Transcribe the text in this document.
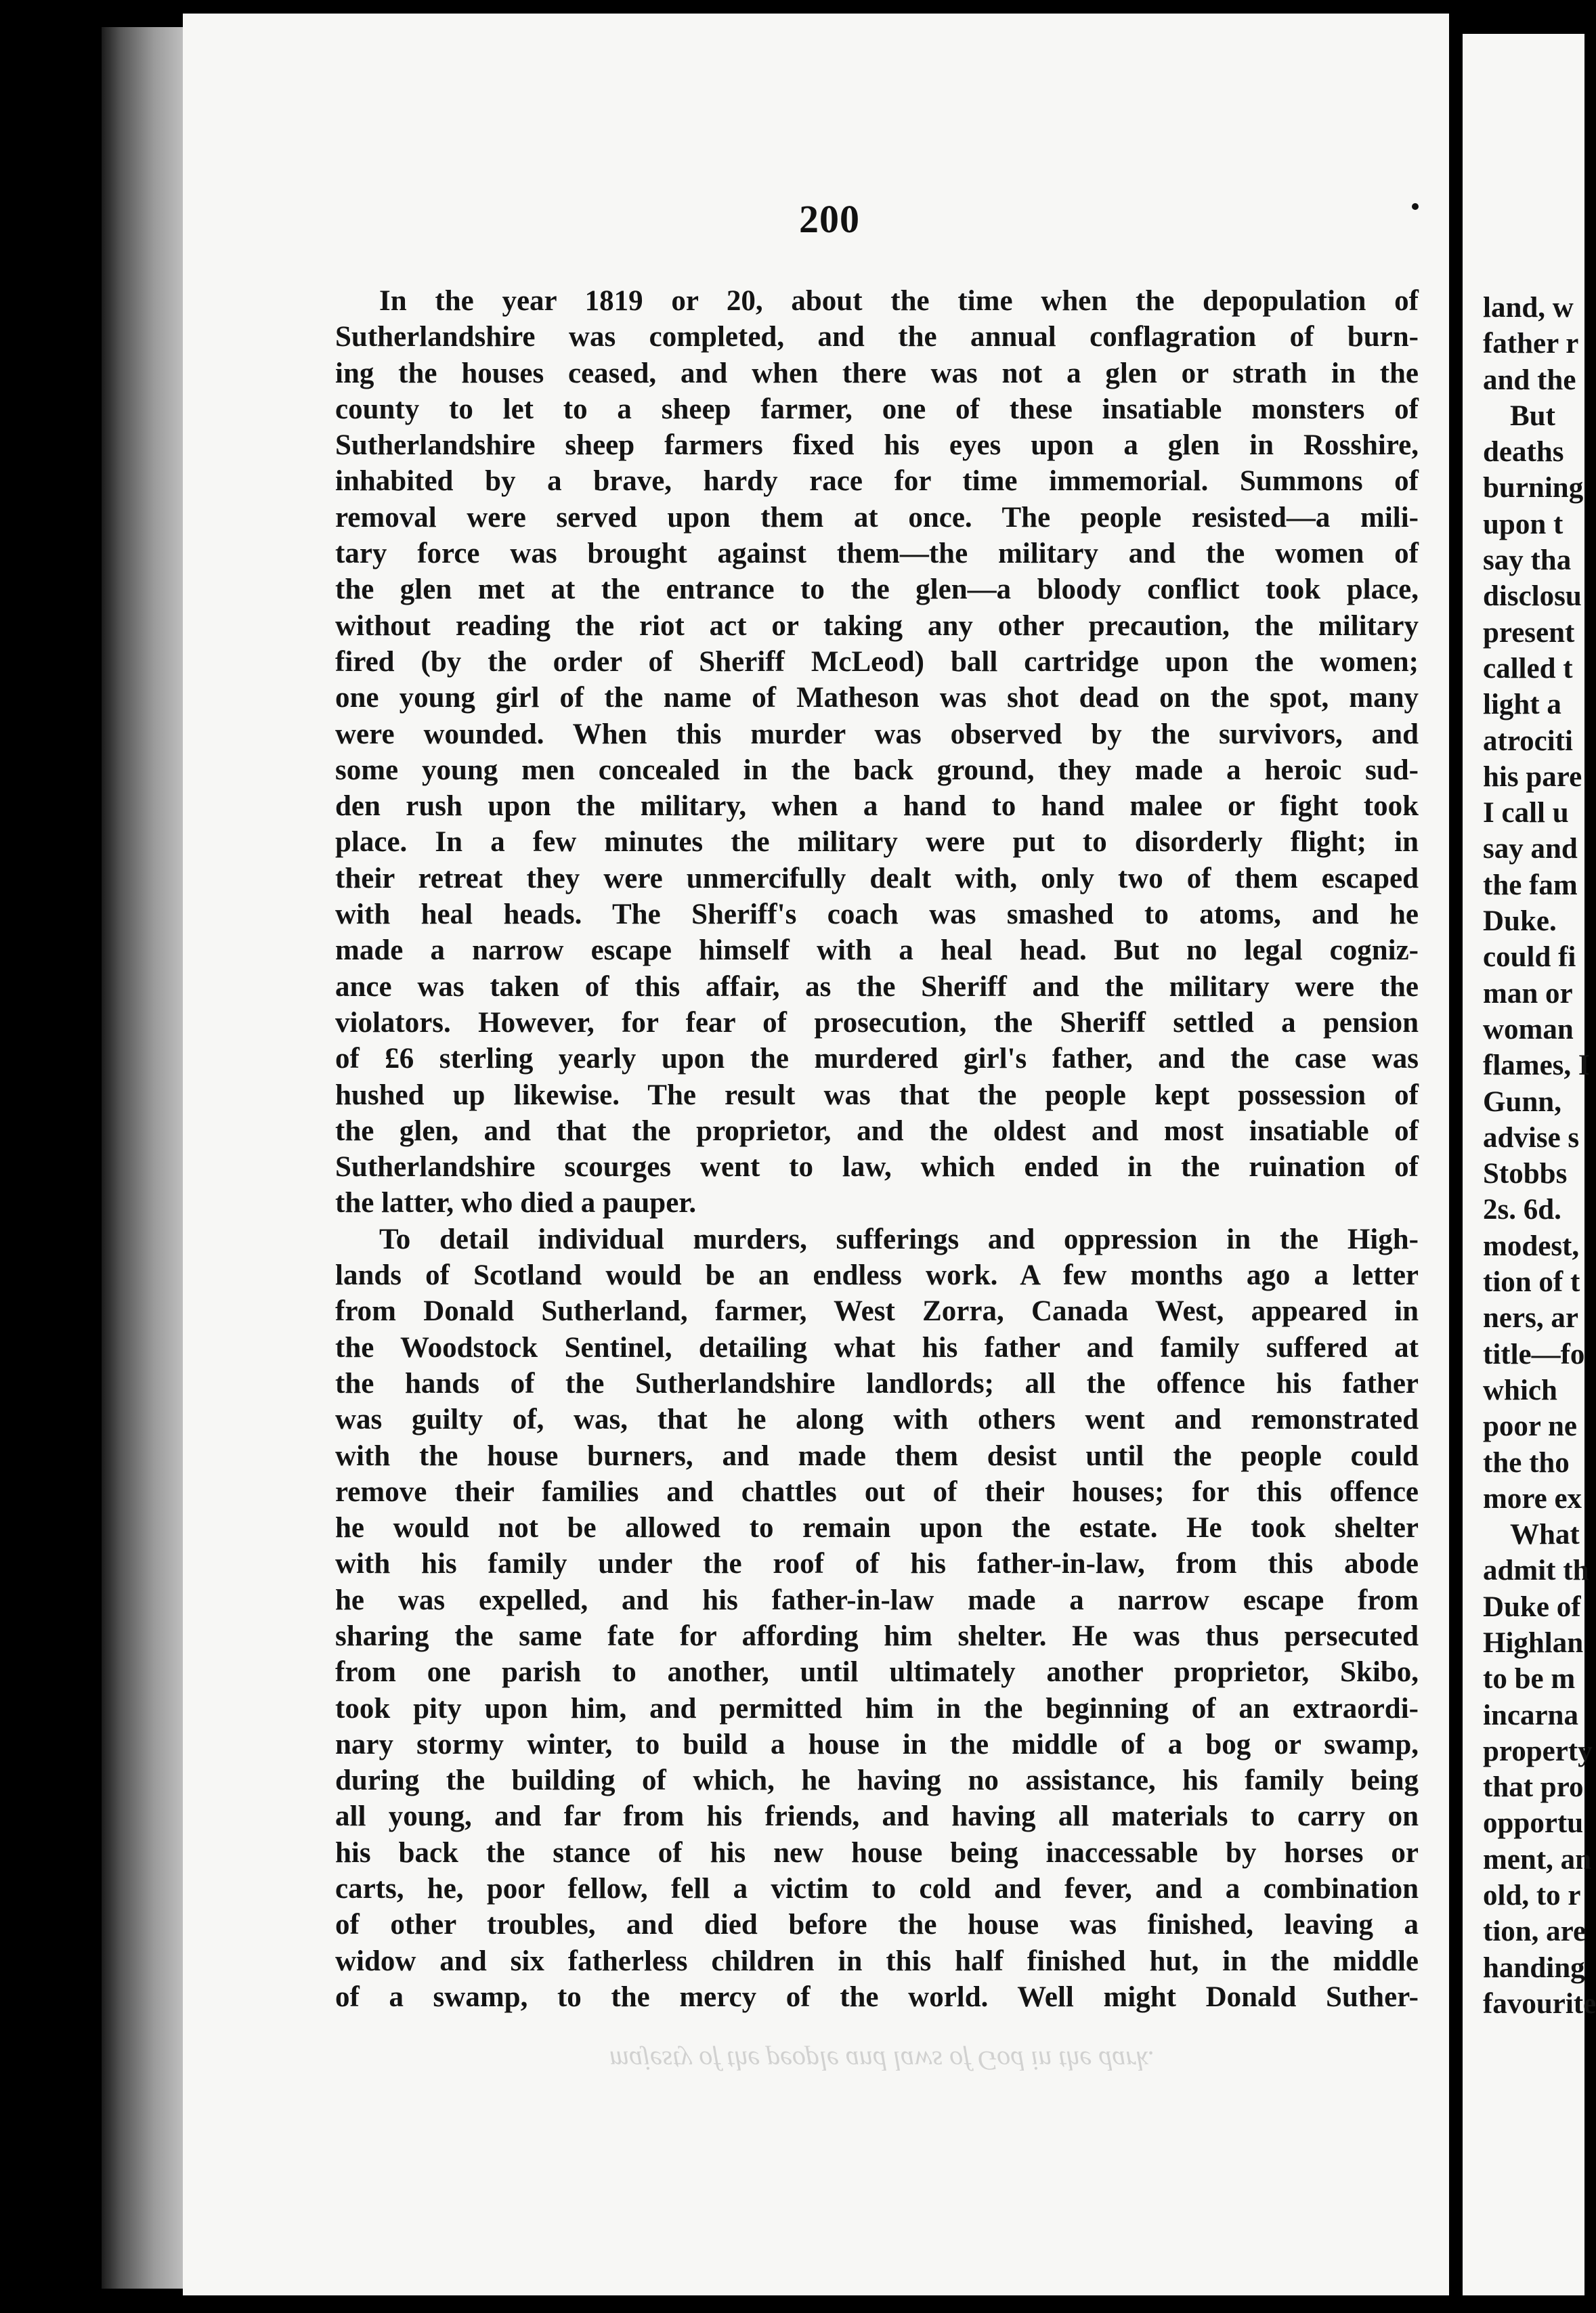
200
In the year 1819 or 20, about the time when the depopulation of
Sutherlandshire was completed, and the annual conflagration of burn-
ing the houses ceased, and when there was not a glen or strath in the
county to let to a sheep farmer, one of these insatiable monsters of
Sutherlandshire sheep farmers fixed his eyes upon a glen in Rosshire,
inhabited by a brave, hardy race for time immemorial. Summons of
removal were served upon them at once. The people resisted—a mili-
tary force was brought against them—the military and the women of
the glen met at the entrance to the glen—a bloody conflict took place,
without reading the riot act or taking any other precaution, the military
fired (by the order of Sheriff McLeod) ball cartridge upon the women;
one young girl of the name of Matheson was shot dead on the spot, many
were wounded. When this murder was observed by the survivors, and
some young men concealed in the back ground, they made a heroic sud-
den rush upon the military, when a hand to hand malee or fight took
place. In a few minutes the military were put to disorderly flight; in
their retreat they were unmercifully dealt with, only two of them escaped
with heal heads. The Sheriff's coach was smashed to atoms, and he
made a narrow escape himself with a heal head. But no legal cogniz-
ance was taken of this affair, as the Sheriff and the military were the
violators. However, for fear of prosecution, the Sheriff settled a pension
of £6 sterling yearly upon the murdered girl's father, and the case was
hushed up likewise. The result was that the people kept possession of
the glen, and that the proprietor, and the oldest and most insatiable of
Sutherlandshire scourges went to law, which ended in the ruination of
the latter, who died a pauper.
To detail individual murders, sufferings and oppression in the High-
lands of Scotland would be an endless work. A few months ago a letter
from Donald Sutherland, farmer, West Zorra, Canada West, appeared in
the Woodstock Sentinel, detailing what his father and family suffered at
the hands of the Sutherlandshire landlords; all the offence his father
was guilty of, was, that he along with others went and remonstrated
with the house burners, and made them desist until the people could
remove their families and chattles out of their houses; for this offence
he would not be allowed to remain upon the estate. He took shelter
with his family under the roof of his father-in-law, from this abode
he was expelled, and his father-in-law made a narrow escape from
sharing the same fate for affording him shelter. He was thus persecuted
from one parish to another, until ultimately another proprietor, Skibo,
took pity upon him, and permitted him in the beginning of an extraordi-
nary stormy winter, to build a house in the middle of a bog or swamp,
during the building of which, he having no assistance, his family being
all young, and far from his friends, and having all materials to carry on
his back the stance of his new house being inaccessable by horses or
carts, he, poor fellow, fell a victim to cold and fever, and a combination
of other troubles, and died before the house was finished, leaving a
widow and six fatherless children in this half finished hut, in the middle
of a swamp, to the mercy of the world. Well might Donald Suther-
land, w
father r
and the
But
deaths
burning
upon t
say tha
disclosu
present
called t
light a
atrociti
his pare
I call u
say and
the fam
Duke.
could fi
man or
woman
flames, I
Gunn,
advise s
Stobbs
2s. 6d.
modest,
tion of t
ners, ar
title—fo
which
poor ne
the tho
more ex
What
admit th
Duke of
Highlan
to be m
incarna
property
that pro
opportu
ment, an
old, to r
tion, are
handing
favourite
majesty of the people and laws of God in the dark.
